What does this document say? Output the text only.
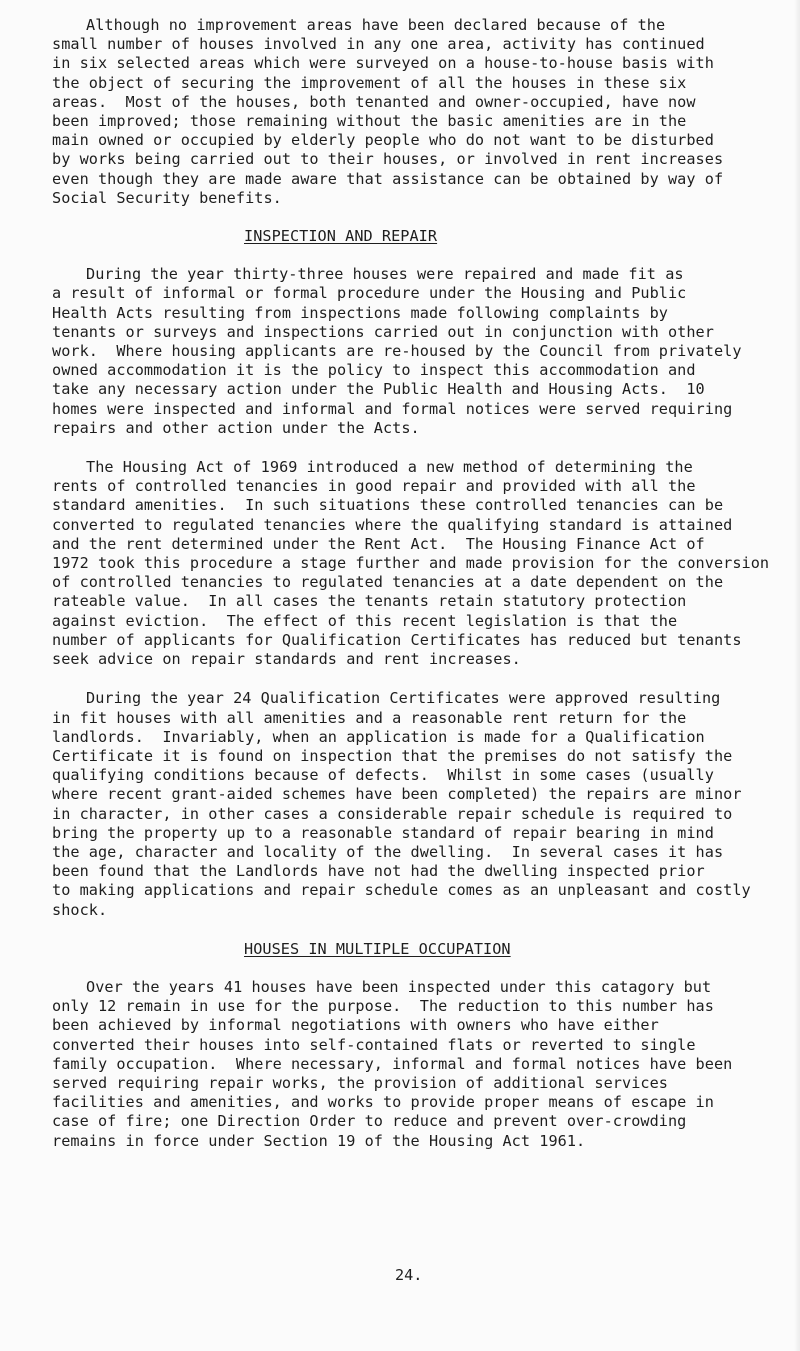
Although no improvement areas have been declared because of the
small number of houses involved in any one area, activity has continued
in six selected areas which were surveyed on a house-to-house basis with
the object of securing the improvement of all the houses in these six
areas.  Most of the houses, both tenanted and owner-occupied, have now
been improved; those remaining without the basic amenities are in the
main owned or occupied by elderly people who do not want to be disturbed
by works being carried out to their houses, or involved in rent increases
even though they are made aware that assistance can be obtained by way of
Social Security benefits.
INSPECTION AND REPAIR
During the year thirty-three houses were repaired and made fit as
a result of informal or formal procedure under the Housing and Public
Health Acts resulting from inspections made following complaints by
tenants or surveys and inspections carried out in conjunction with other
work.  Where housing applicants are re-housed by the Council from privately
owned accommodation it is the policy to inspect this accommodation and
take any necessary action under the Public Health and Housing Acts.  10
homes were inspected and informal and formal notices were served requiring
repairs and other action under the Acts.
The Housing Act of 1969 introduced a new method of determining the
rents of controlled tenancies in good repair and provided with all the
standard amenities.  In such situations these controlled tenancies can be
converted to regulated tenancies where the qualifying standard is attained
and the rent determined under the Rent Act.  The Housing Finance Act of
1972 took this procedure a stage further and made provision for the conversion
of controlled tenancies to regulated tenancies at a date dependent on the
rateable value.  In all cases the tenants retain statutory protection
against eviction.  The effect of this recent legislation is that the
number of applicants for Qualification Certificates has reduced but tenants
seek advice on repair standards and rent increases.
During the year 24 Qualification Certificates were approved resulting
in fit houses with all amenities and a reasonable rent return for the
landlords.  Invariably, when an application is made for a Qualification
Certificate it is found on inspection that the premises do not satisfy the
qualifying conditions because of defects.  Whilst in some cases (usually
where recent grant-aided schemes have been completed) the repairs are minor
in character, in other cases a considerable repair schedule is required to
bring the property up to a reasonable standard of repair bearing in mind
the age, character and locality of the dwelling.  In several cases it has
been found that the Landlords have not had the dwelling inspected prior
to making applications and repair schedule comes as an unpleasant and costly
shock.
HOUSES IN MULTIPLE OCCUPATION
Over the years 41 houses have been inspected under this catagory but
only 12 remain in use for the purpose.  The reduction to this number has
been achieved by informal negotiations with owners who have either
converted their houses into self-contained flats or reverted to single
family occupation.  Where necessary, informal and formal notices have been
served requiring repair works, the provision of additional services
facilities and amenities, and works to provide proper means of escape in
case of fire; one Direction Order to reduce and prevent over-crowding
remains in force under Section 19 of the Housing Act 1961.
24.
